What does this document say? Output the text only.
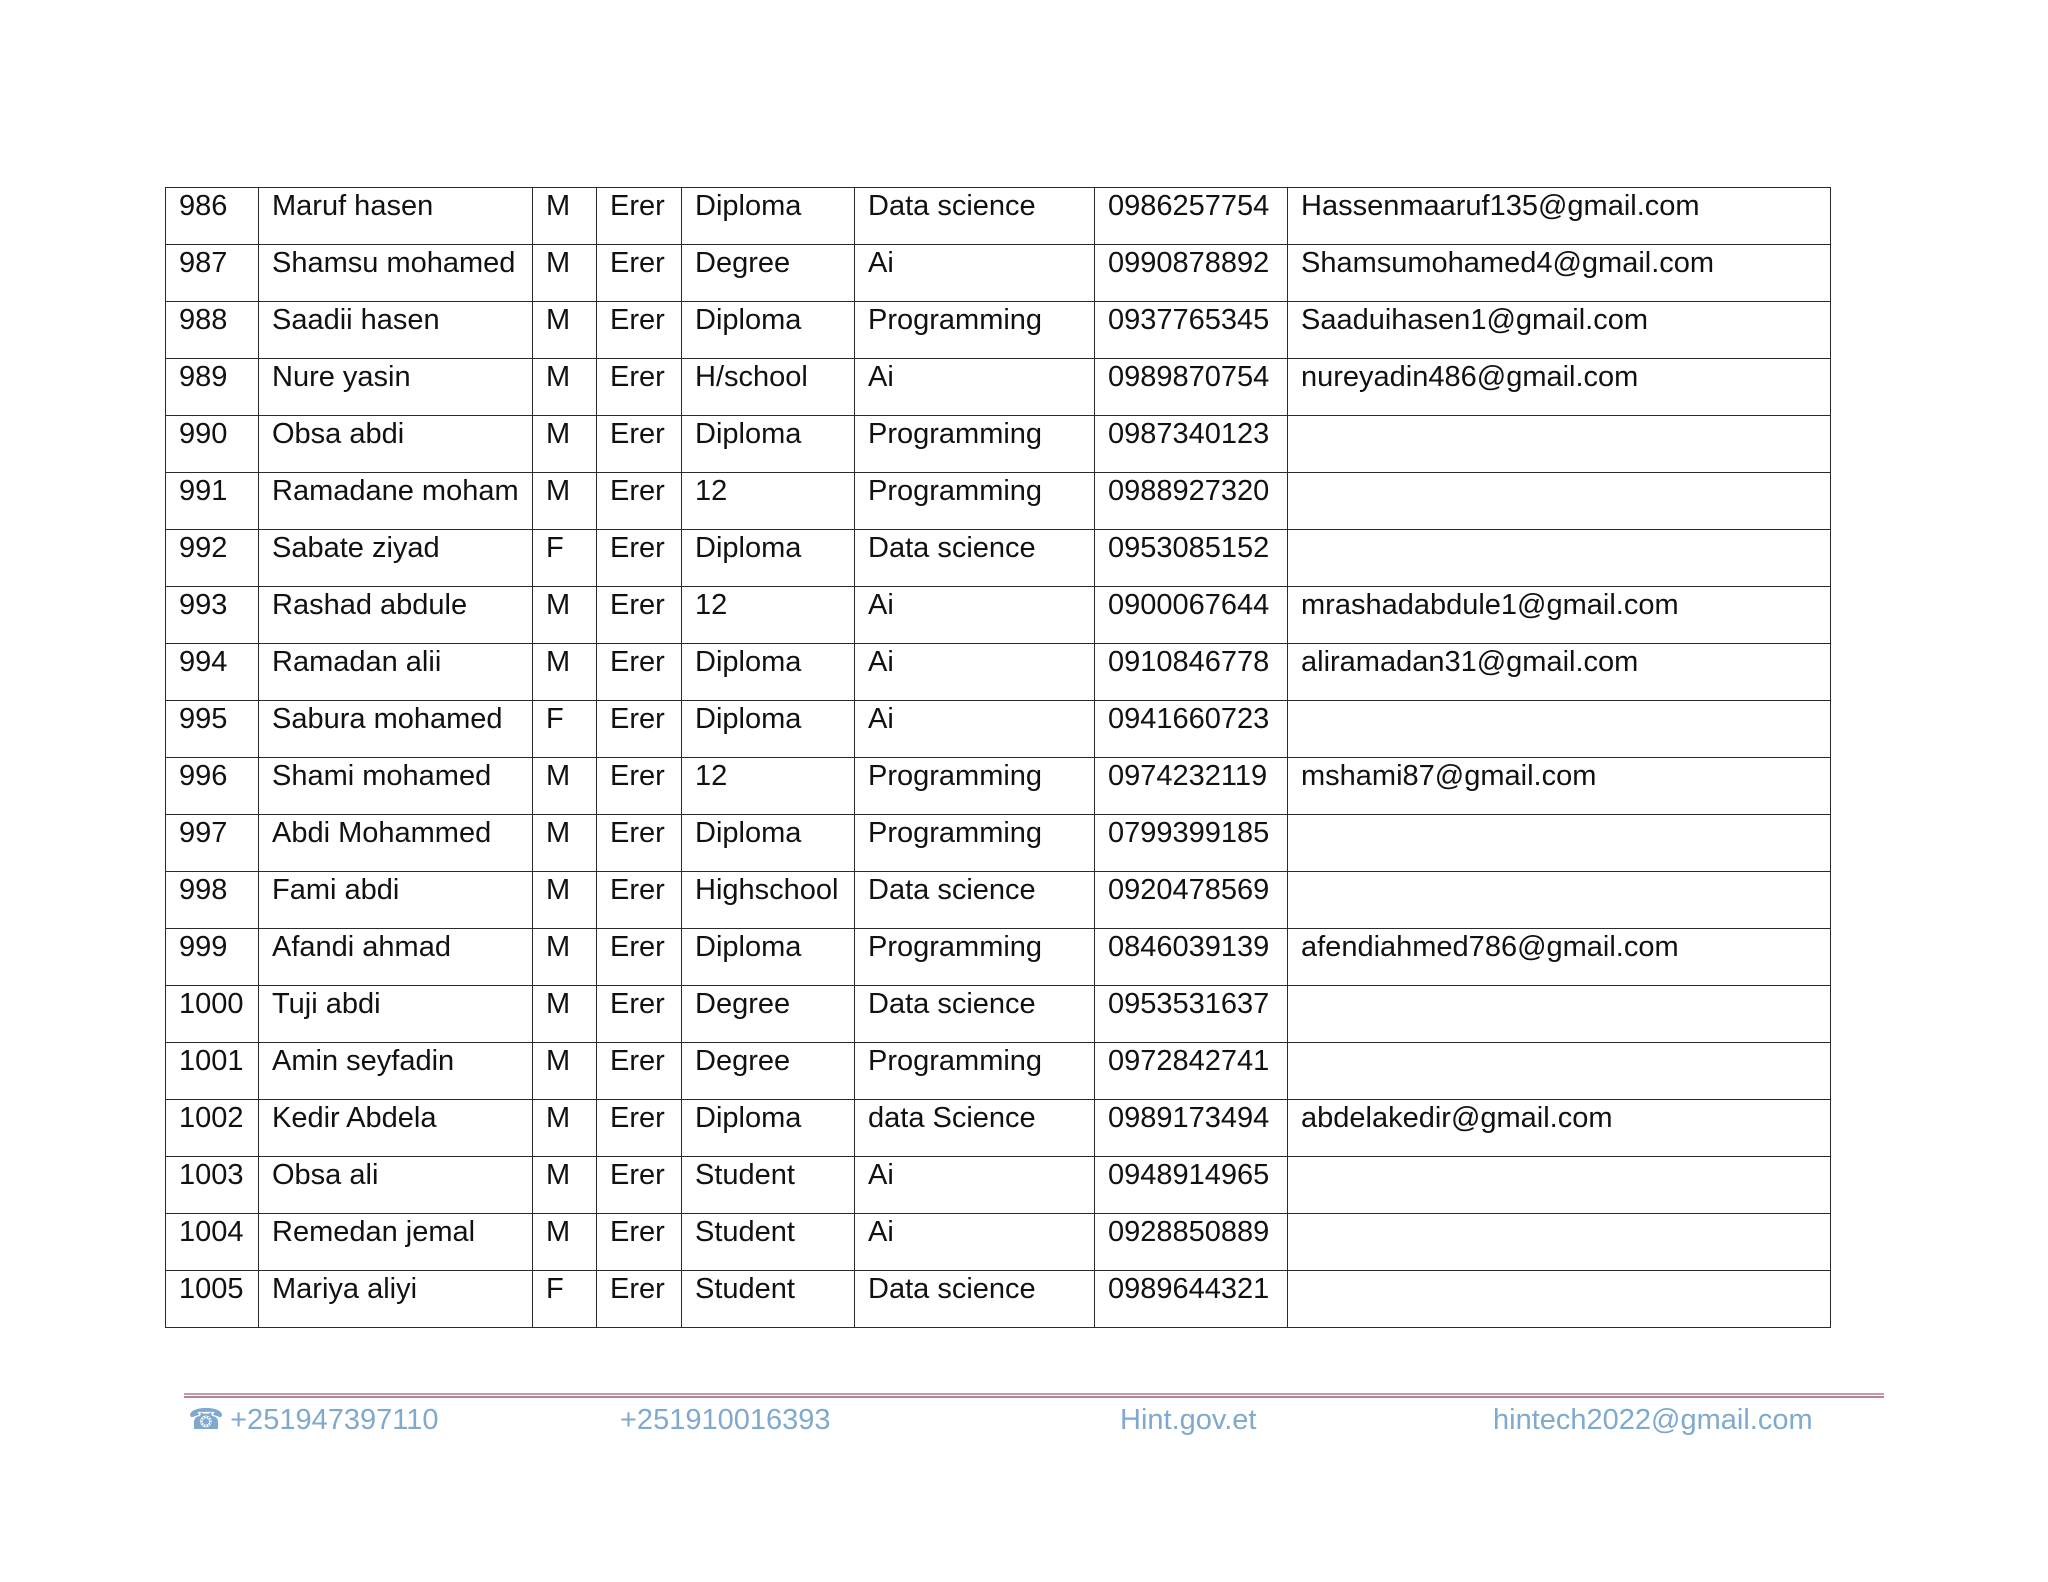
986	Maruf hasen	M	Erer	Diploma	Data science	0986257754	Hassenmaaruf135@gmail.com
987	Shamsu mohamed	M	Erer	Degree	Ai	0990878892	Shamsumohamed4@gmail.com
988	Saadii hasen	M	Erer	Diploma	Programming	0937765345	Saaduihasen1@gmail.com
989	Nure yasin	M	Erer	H/school	Ai	0989870754	nureyadin486@gmail.com
990	Obsa abdi	M	Erer	Diploma	Programming	0987340123	
991	Ramadane moham	M	Erer	12	Programming	0988927320	
992	Sabate ziyad	F	Erer	Diploma	Data science	0953085152	
993	Rashad abdule	M	Erer	12	Ai	0900067644	mrashadabdule1@gmail.com
994	Ramadan alii	M	Erer	Diploma	Ai	0910846778	aliramadan31@gmail.com
995	Sabura mohamed	F	Erer	Diploma	Ai	0941660723	
996	Shami mohamed	M	Erer	12	Programming	0974232119	mshami87@gmail.com
997	Abdi Mohammed	M	Erer	Diploma	Programming	0799399185	
998	Fami abdi	M	Erer	Highschool	Data science	0920478569	
999	Afandi ahmad	M	Erer	Diploma	Programming	0846039139	afendiahmed786@gmail.com
1000	Tuji abdi	M	Erer	Degree	Data science	0953531637	
1001	Amin seyfadin	M	Erer	Degree	Programming	0972842741	
1002	Kedir Abdela	M	Erer	Diploma	data Science	0989173494	abdelakedir@gmail.com
1003	Obsa ali	M	Erer	Student	Ai	0948914965	
1004	Remedan jemal	M	Erer	Student	Ai	0928850889	
1005	Mariya aliyi	F	Erer	Student	Data science	0989644321	
☎ +251947397110	+251910016393	Hint.gov.et	hintech2022@gmail.com
